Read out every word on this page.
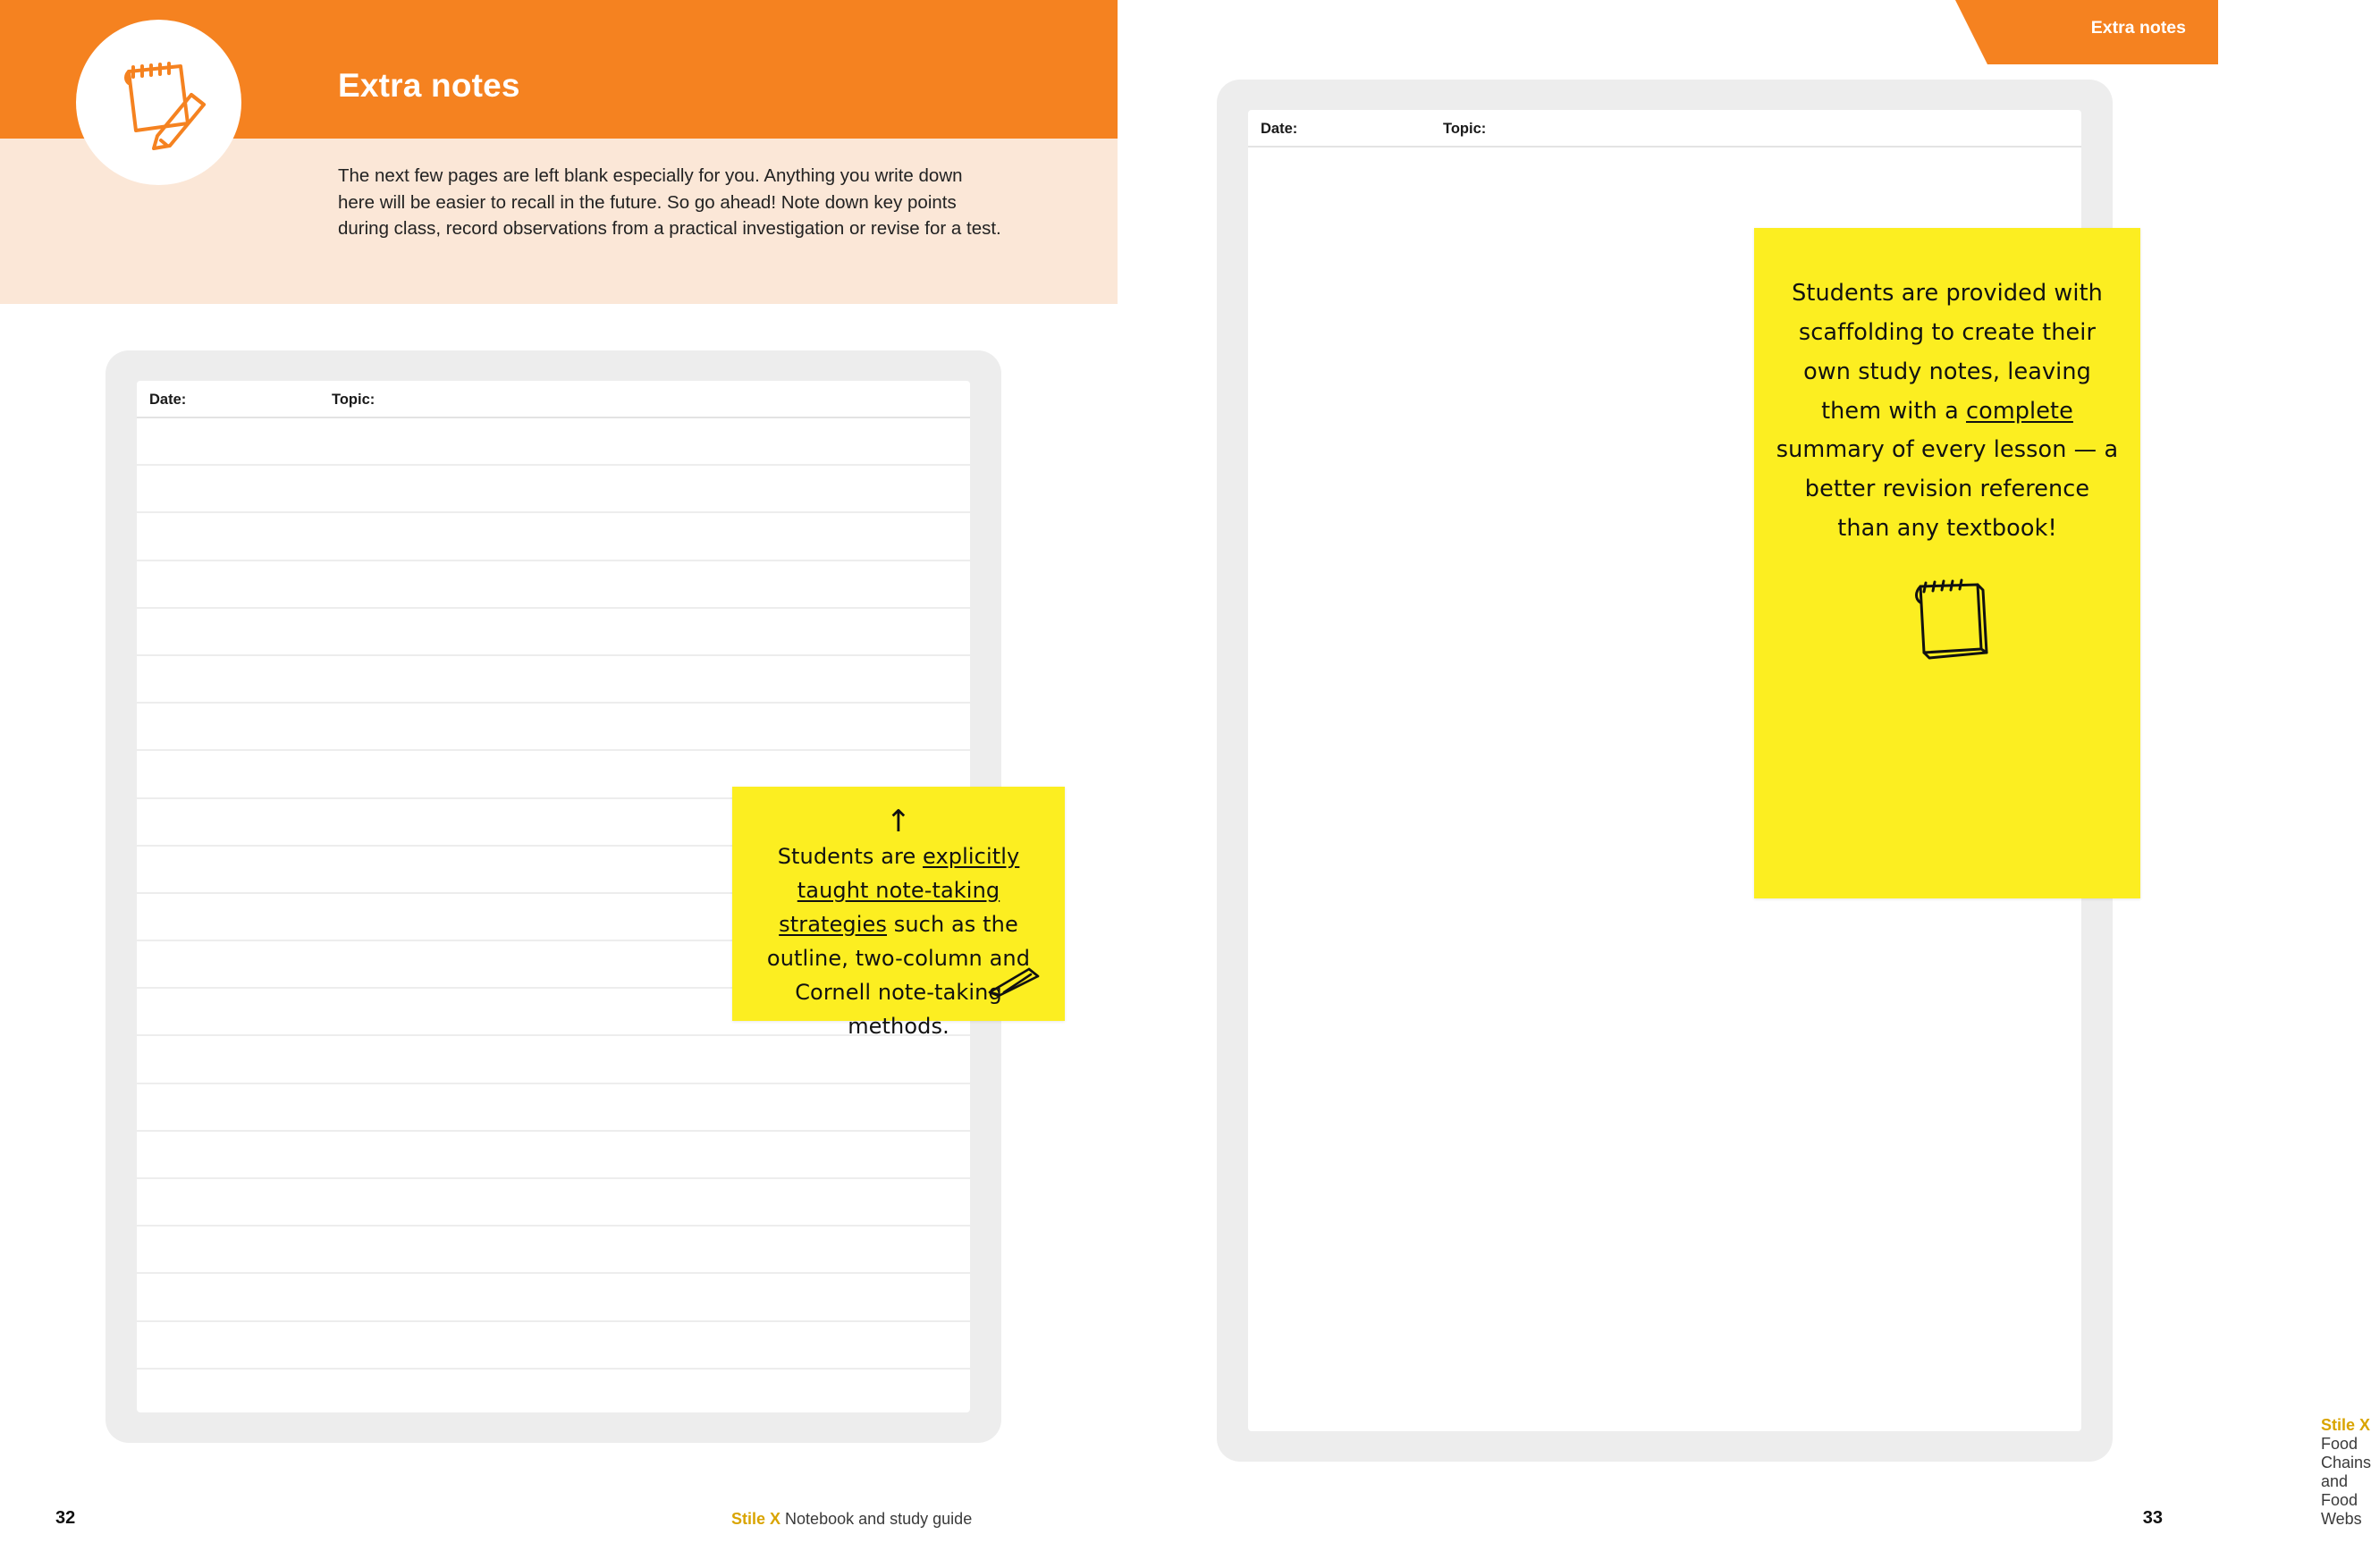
Extra notes
The next few pages are left blank especially for you. Anything you write down here will be easier to recall in the future. So go ahead! Note down key points during class, record observations from a practical investigation or revise for a test.
Date:	Topic:
↑
Students are explicitly taught note-taking strategies such as the outline, two-column and Cornell note-taking methods.
32	Stile X Notebook and study guide
Extra notes
Date:	Topic:
Stile X Food Chains and Food Webs
33
Students are provided with scaffolding to create their own study notes, leaving them with a complete summary of every lesson — a better revision reference than any textbook!
